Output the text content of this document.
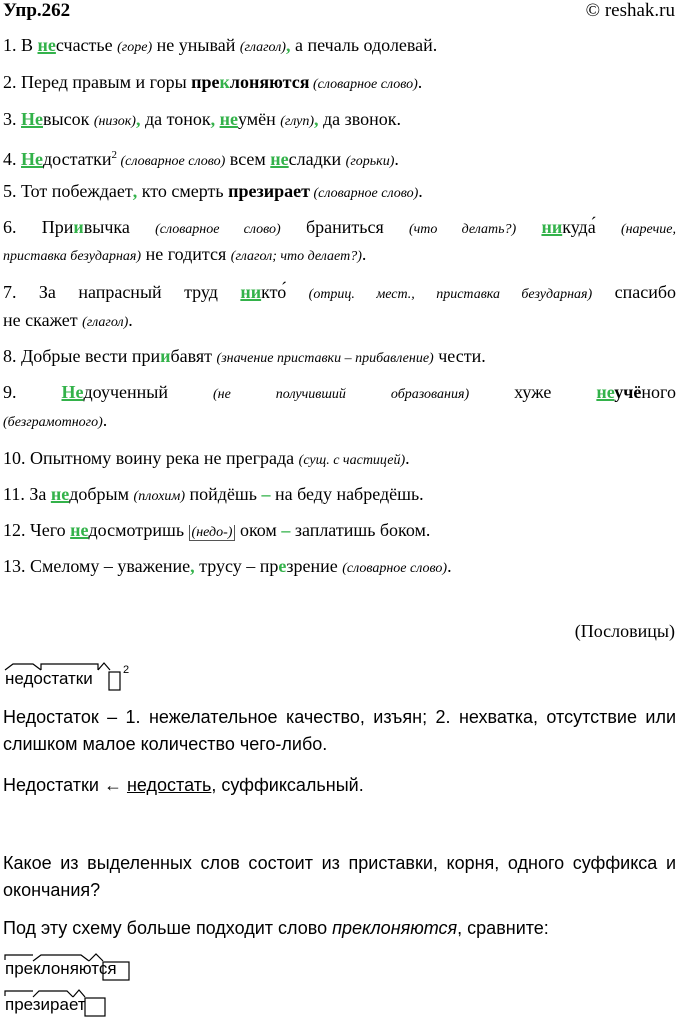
Упр.262	© reshak.ru
1. В несчастье (горе) не унывай (глагол), а печаль одолевай.
2. Перед правым и горы преклоняются (словарное слово).
3. Невысок (низок), да тонок, неумён (глуп), да звонок.
4. Недостатки$^2$ (словарное слово) всем несладки (горьки).
5. Тот побеждает, кто смерть презирает (словарное слово).
6. Приивычка (словарное слово) браниться (что делать?) никуда́ (наречие,
приставка безударная) не годится (глагол; что делает?).
7. За напрасный труд никто́ (отриц. мест., приставка безударная) спасибо
не скажет (глагол).
8. Добрые вести приибавят (значение приставки – прибавление) чести.
9. Недоученный	(не	получивший	образования) хуже неучёного
(безграмотного).
10. Опытному воину река не преграда (сущ. с частицей).
11. За недобрым (плохим) пойдёшь – на беду набредёшь.
12. Чего недосмотришь (недо-) оком – заплатишь боком.
13. Смелому – уважение, трусу – презрение (словарное слово).
(Пословицы)
недостатки	2
Недостаток – 1. нежелательное качество, изъян; 2. нехватка, отсутствие или слишком малое количество чего-либо.
Недостатки ← недостать, суффиксальный.
Какое из выделенных слов состоит из приставки, корня, одного суффикса и окончания?
Под эту схему больше подходит слово преклоняются, сравните:
преклоняются
презирает
